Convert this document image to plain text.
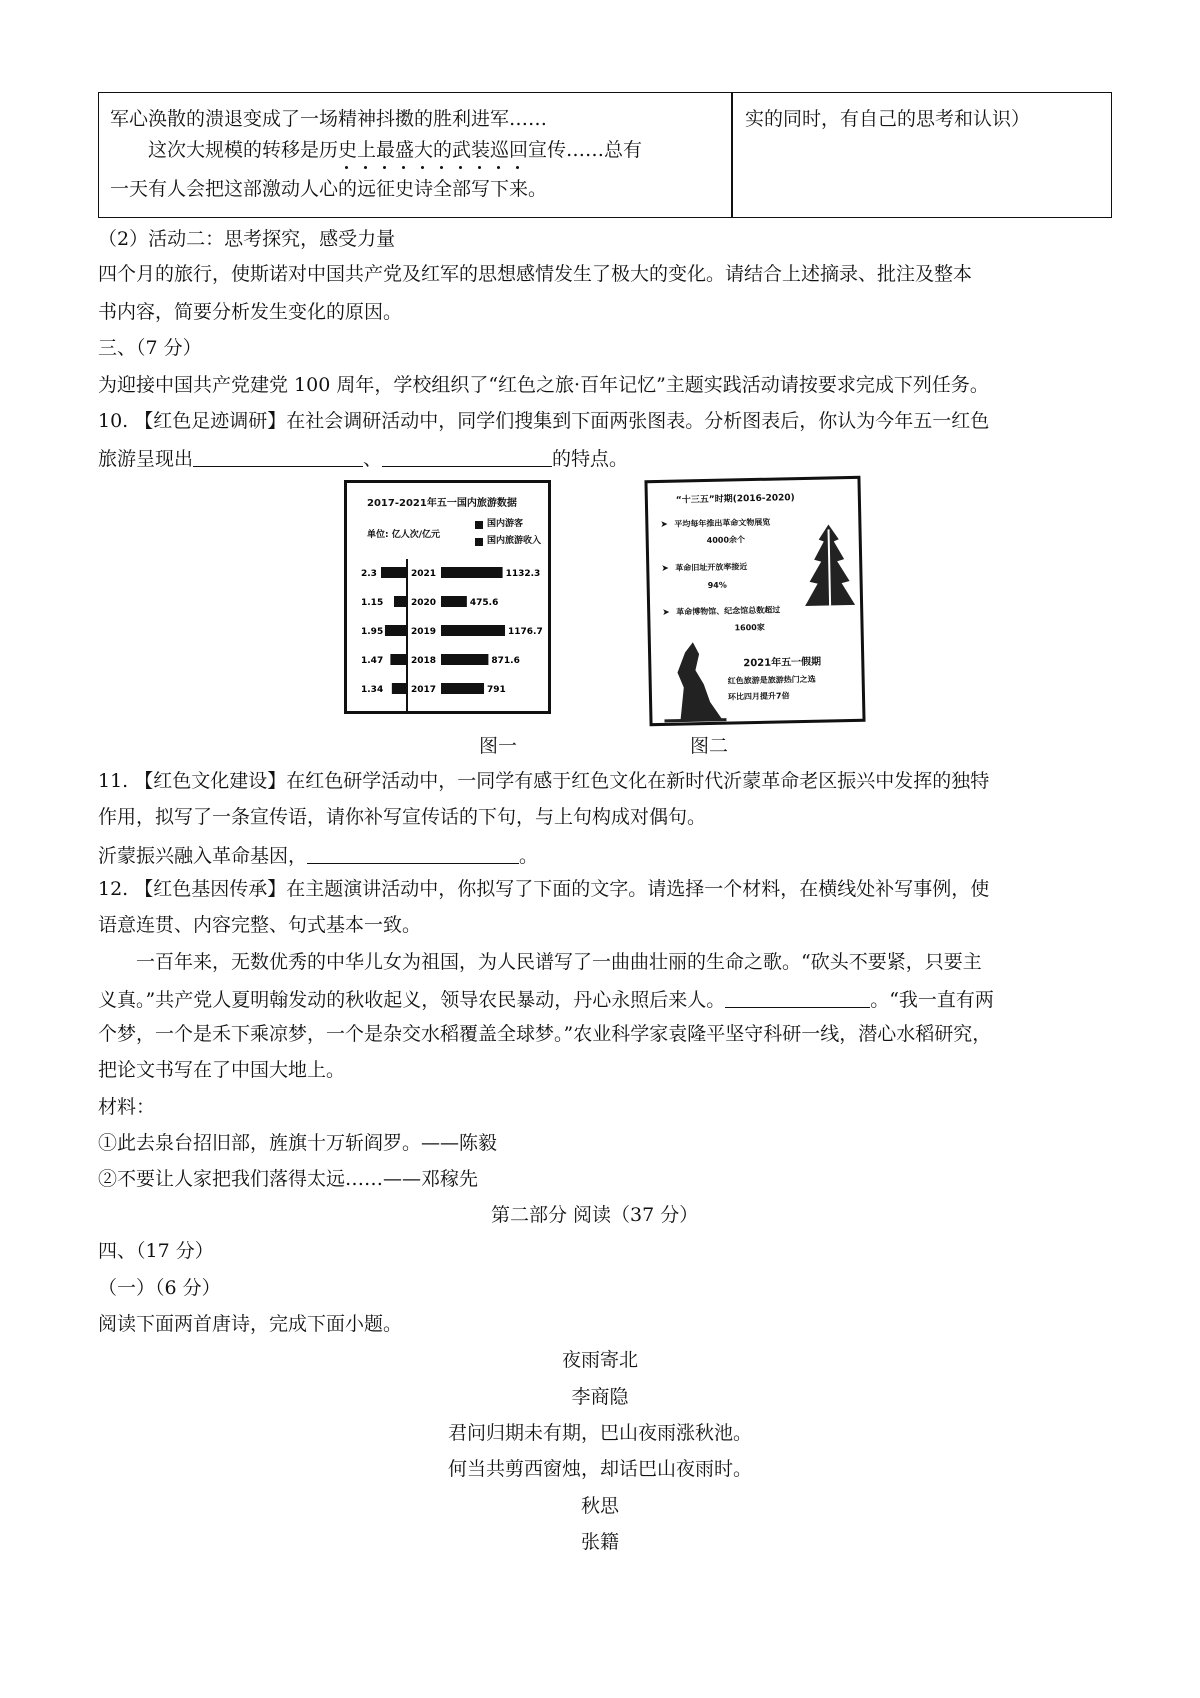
军心涣散的溃退变成了一场精神抖擞的胜利进军……
这次大规模的转移是历史上最盛大的武装巡回宣传……总有
一天有人会把这部激动人心的远征史诗全部写下来。
实的同时，有自己的思考和认识）
（2）活动二：思考探究，感受力量
四个月的旅行，使斯诺对中国共产党及红军的思想感情发生了极大的变化。请结合上述摘录、批注及整本
书内容，简要分析发生变化的原因。
三、（7 分）
为迎接中国共产党建党 100 周年，学校组织了“红色之旅·百年记忆”主题实践活动请按要求完成下列任务。
10. 【红色足迹调研】在社会调研活动中，同学们搜集到下面两张图表。分析图表后，你认为今年五一红色
旅游呈现出	、	的特点。
2017-2021年五一国内旅游数据
单位: 亿人次/亿元
国内游客
国内旅游收入
2021
2.3	1132.3
2020
1.15	475.6
2019
1.95	1176.7
2018
1.47	871.6
2017
1.34	791
图一
“十三五”时期(2016-2020)
➤ 平均每年推出革命文物展览
4000余个
➤ 革命旧址开放率接近
94%
➤ 革命博物馆、纪念馆总数超过
1600家
2021年五一假期
红色旅游是旅游热门之选
环比四月提升7倍
图二
11. 【红色文化建设】在红色研学活动中，一同学有感于红色文化在新时代沂蒙革命老区振兴中发挥的独特
作用，拟写了一条宣传语，请你补写宣传话的下句，与上句构成对偶句。
沂蒙振兴融入革命基因，	。
12. 【红色基因传承】在主题演讲活动中，你拟写了下面的文字。请选择一个材料，在横线处补写事例，使
语意连贯、内容完整、句式基本一致。
一百年来，无数优秀的中华儿女为祖国，为人民谱写了一曲曲壮丽的生命之歌。“砍头不要紧，只要主
义真。”共产党人夏明翰发动的秋收起义，领导农民暴动，丹心永照后来人。	。“我一直有两
个梦，一个是禾下乘凉梦，一个是杂交水稻覆盖全球梦。”农业科学家袁隆平坚守科研一线，潜心水稻研究，
把论文书写在了中国大地上。
材料：
①此去泉台招旧部，旌旗十万斩阎罗。——陈毅
②不要让人家把我们落得太远……——邓稼先
第二部分 阅读（37 分）
四、（17 分）
（一）（6 分）
阅读下面两首唐诗，完成下面小题。
夜雨寄北
李商隐
君问归期未有期，巴山夜雨涨秋池。
何当共剪西窗烛，却话巴山夜雨时。
秋思
张籍
